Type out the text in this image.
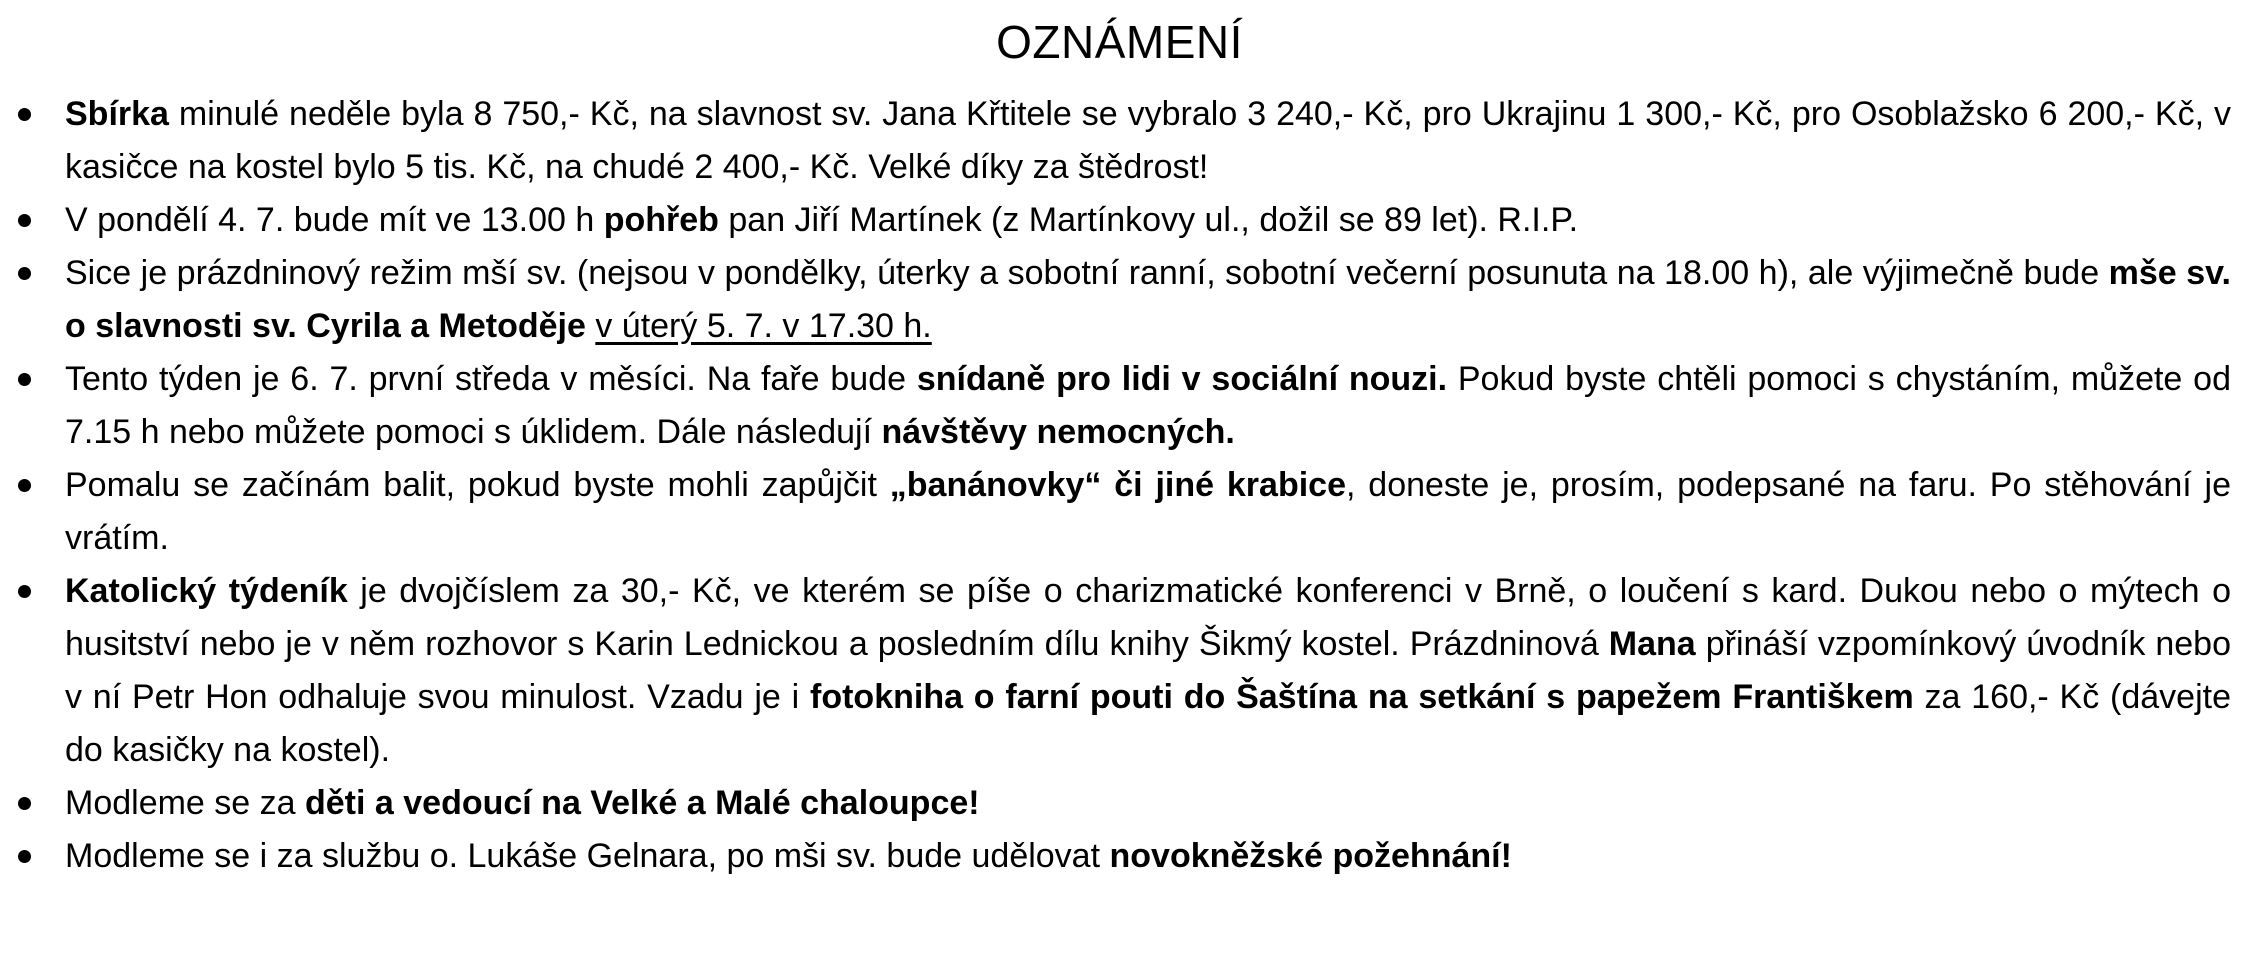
OZNÁMENÍ
Sbírka minulé neděle byla 8 750,- Kč, na slavnost sv. Jana Křtitele se vybralo 3 240,- Kč, pro Ukrajinu 1 300,- Kč, pro Osoblažsko 6 200,- Kč, v kasičce na kostel bylo 5 tis. Kč, na chudé 2 400,- Kč. Velké díky za štědrost!
V pondělí 4. 7. bude mít ve 13.00 h pohřeb pan Jiří Martínek (z Martínkovy ul., dožil se 89 let). R.I.P.
Sice je prázdninový režim mší sv. (nejsou v pondělky, úterky a sobotní ranní, sobotní večerní posunuta na 18.00 h), ale výjimečně bude mše sv. o slavnosti sv. Cyrila a Metoděje v úterý 5. 7. v 17.30 h.
Tento týden je 6. 7. první středa v měsíci. Na faře bude snídaně pro lidi v sociální nouzi. Pokud byste chtěli pomoci s chystáním, můžete od 7.15 h nebo můžete pomoci s úklidem. Dále následují návštěvy nemocných.
Pomalu se začínám balit, pokud byste mohli zapůjčit „banánovky“ či jiné krabice, doneste je, prosím, podepsané na faru. Po stěhování je vrátím.
Katolický týdeník je dvojčíslem za 30,- Kč, ve kterém se píše o charizmatické konferenci v Brně, o loučení s kard. Dukou nebo o mýtech o husitství nebo je v něm rozhovor s Karin Lednickou a posledním dílu knihy Šikmý kostel. Prázdninová Mana přináší vzpomínkový úvodník nebo v ní Petr Hon odhaluje svou minulost. Vzadu je i fotokniha o farní pouti do Šaštína na setkání s papežem Františkem za 160,- Kč (dávejte do kasičky na kostel).
Modleme se za děti a vedoucí na Velké a Malé chaloupce!
Modleme se i za službu o. Lukáše Gelnara, po mši sv. bude udělovat novokněžské požehnání!
